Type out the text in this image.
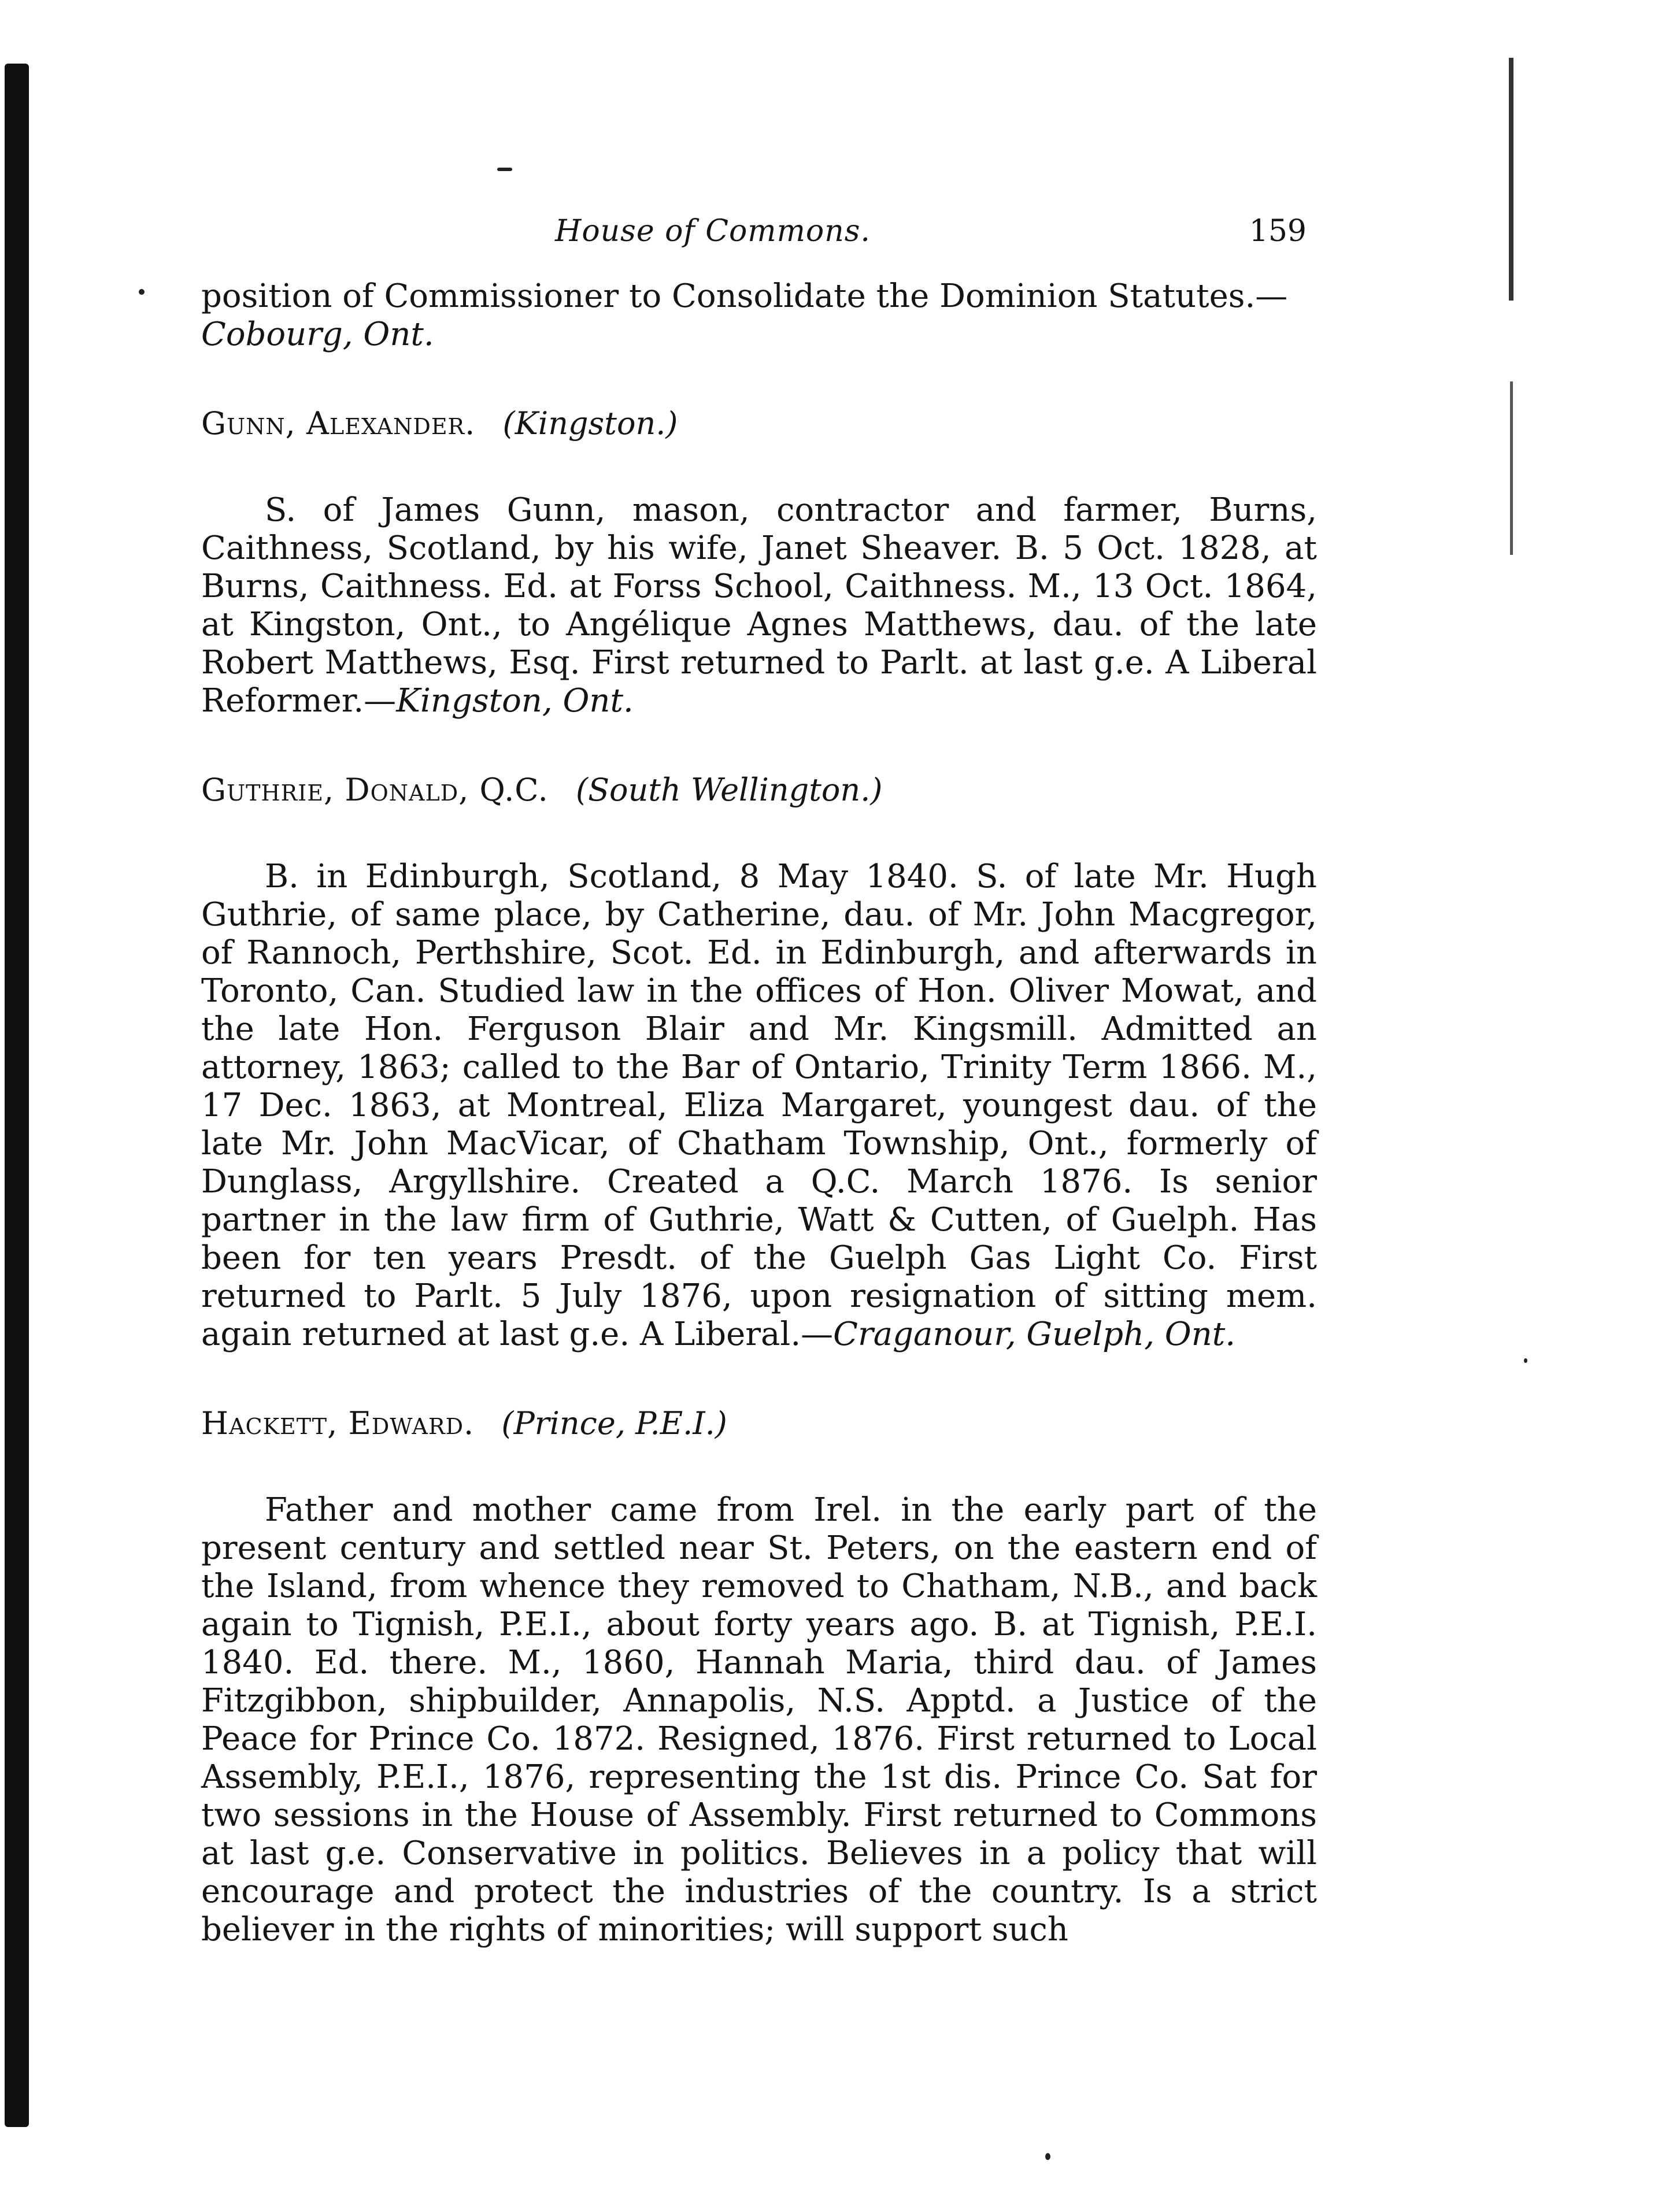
House of Commons.	159

position of Commissioner to Consolidate the Dominion Statutes.—
Cobourg, Ont.

Gunn, Alexander. (Kingston.)

S. of James Gunn, mason, contractor and farmer, Burns, Caithness, Scotland, by his wife, Janet Sheaver. B. 5 Oct. 1828, at Burns, Caithness. Ed. at Forss School, Caithness. M., 13 Oct. 1864, at Kingston, Ont., to Angélique Agnes Matthews, dau. of the late Robert Matthews, Esq. First returned to Parlt. at last g.e. A Liberal Reformer.—Kingston, Ont.

Guthrie, Donald, Q.C. (South Wellington.)

B. in Edinburgh, Scotland, 8 May 1840. S. of late Mr. Hugh Guthrie, of same place, by Catherine, dau. of Mr. John Macgregor, of Rannoch, Perthshire, Scot. Ed. in Edinburgh, and afterwards in Toronto, Can. Studied law in the offices of Hon. Oliver Mowat, and the late Hon. Ferguson Blair and Mr. Kingsmill. Admitted an attorney, 1863; called to the Bar of Ontario, Trinity Term 1866. M., 17 Dec. 1863, at Montreal, Eliza Margaret, youngest dau. of the late Mr. John MacVicar, of Chatham Township, Ont., formerly of Dunglass, Argyllshire. Created a Q.C. March 1876. Is senior partner in the law firm of Guthrie, Watt & Cutten, of Guelph. Has been for ten years Presdt. of the Guelph Gas Light Co. First returned to Parlt. 5 July 1876, upon resignation of sitting mem. again returned at last g.e. A Liberal.—Craganour, Guelph, Ont.

Hackett, Edward. (Prince, P.E.I.)

Father and mother came from Irel. in the early part of the present century and settled near St. Peters, on the eastern end of the Island, from whence they removed to Chatham, N.B., and back again to Tignish, P.E.I., about forty years ago. B. at Tignish, P.E.I. 1840. Ed. there. M., 1860, Hannah Maria, third dau. of James Fitzgibbon, shipbuilder, Annapolis, N.S. Apptd. a Justice of the Peace for Prince Co. 1872. Resigned, 1876. First returned to Local Assembly, P.E.I., 1876, representing the 1st dis. Prince Co. Sat for two sessions in the House of Assembly. First returned to Commons at last g.e. Conservative in politics. Believes in a policy that will encourage and protect the industries of the country. Is a strict believer in the rights of minorities; will support such
